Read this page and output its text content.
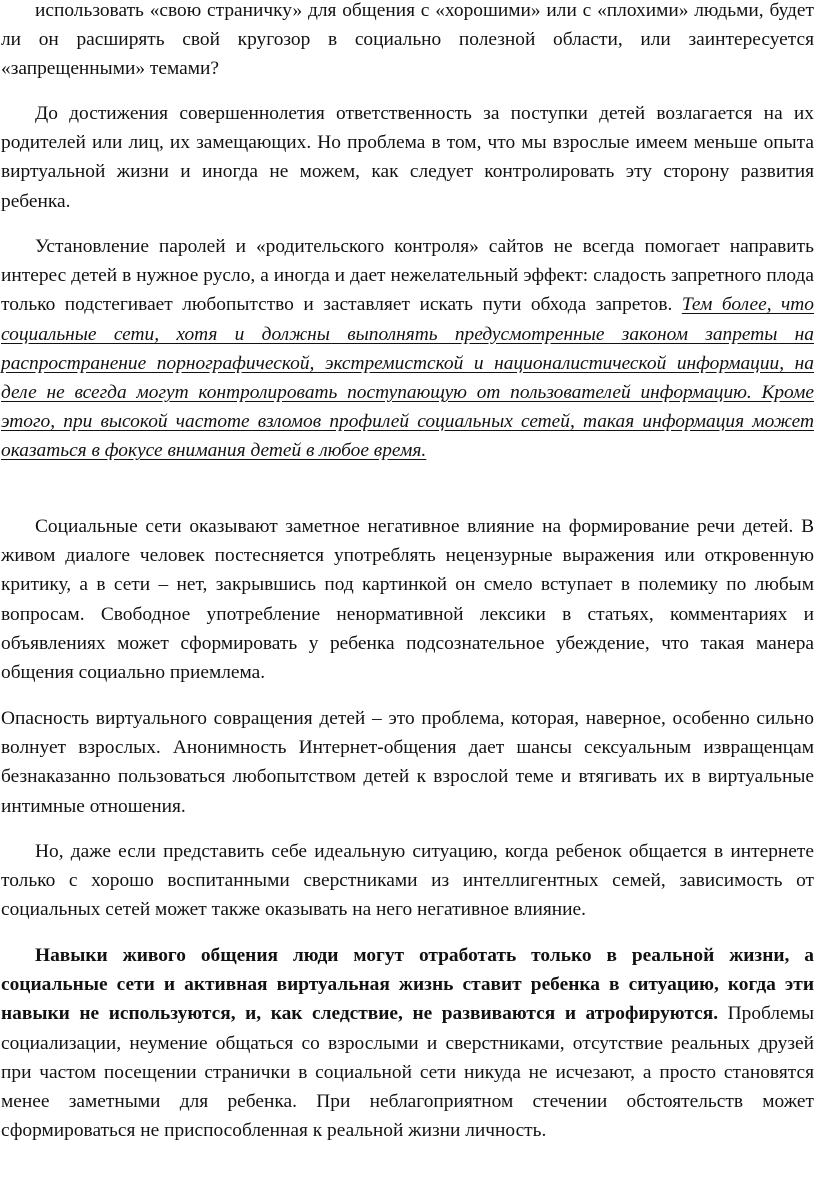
использовать «свою страничку» для общения с «хорошими» или с «плохими» людьми, будет ли он расширять свой кругозор в социально полезной области, или заинтересуется «запрещенными» темами?

До достижения совершеннолетия ответственность за поступки детей возлагается на их родителей или лиц, их замещающих. Но проблема в том, что мы взрослые имеем меньше опыта виртуальной жизни и иногда не можем, как следует контролировать эту сторону развития ребенка.

Установление паролей и «родительского контроля» сайтов не всегда помогает направить интерес детей в нужное русло, а иногда и дает нежелательный эффект: сладость запретного плода только подстегивает любопытство и заставляет искать пути обхода запретов. Тем более, что социальные сети, хотя и должны выполнять предусмотренные законом запреты на распространение порнографической, экстремистской и националистической информации, на деле не всегда могут контролировать поступающую от пользователей информацию. Кроме этого, при высокой частоте взломов профилей социальных сетей, такая информация может оказаться в фокусе внимания детей в любое время.

Социальные сети оказывают заметное негативное влияние на формирование речи детей. В живом диалоге человек постесняется употреблять нецензурные выражения или откровенную критику, а в сети – нет, закрывшись под картинкой он смело вступает в полемику по любым вопросам. Свободное употребление ненормативной лексики в статьях, комментариях и объявлениях может сформировать у ребенка подсознательное убеждение, что такая манера общения социально приемлема.

Опасность виртуального совращения детей – это проблема, которая, наверное, особенно сильно волнует взрослых. Анонимность Интернет-общения дает шансы сексуальным извращенцам безнаказанно пользоваться любопытством детей к взрослой теме и втягивать их в виртуальные интимные отношения.

Но, даже если представить себе идеальную ситуацию, когда ребенок общается в интернете только с хорошо воспитанными сверстниками из интеллигентных семей, зависимость от социальных сетей может также оказывать на него негативное влияние.

Навыки живого общения люди могут отработать только в реальной жизни, а социальные сети и активная виртуальная жизнь ставит ребенка в ситуацию, когда эти навыки не используются, и, как следствие, не развиваются и атрофируются. Проблемы социализации, неумение общаться со взрослыми и сверстниками, отсутствие реальных друзей при частом посещении странички в социальной сети никуда не исчезают, а просто становятся менее заметными для ребенка. При неблагоприятном стечении обстоятельств может сформироваться не приспособленная к реальной жизни личность.
